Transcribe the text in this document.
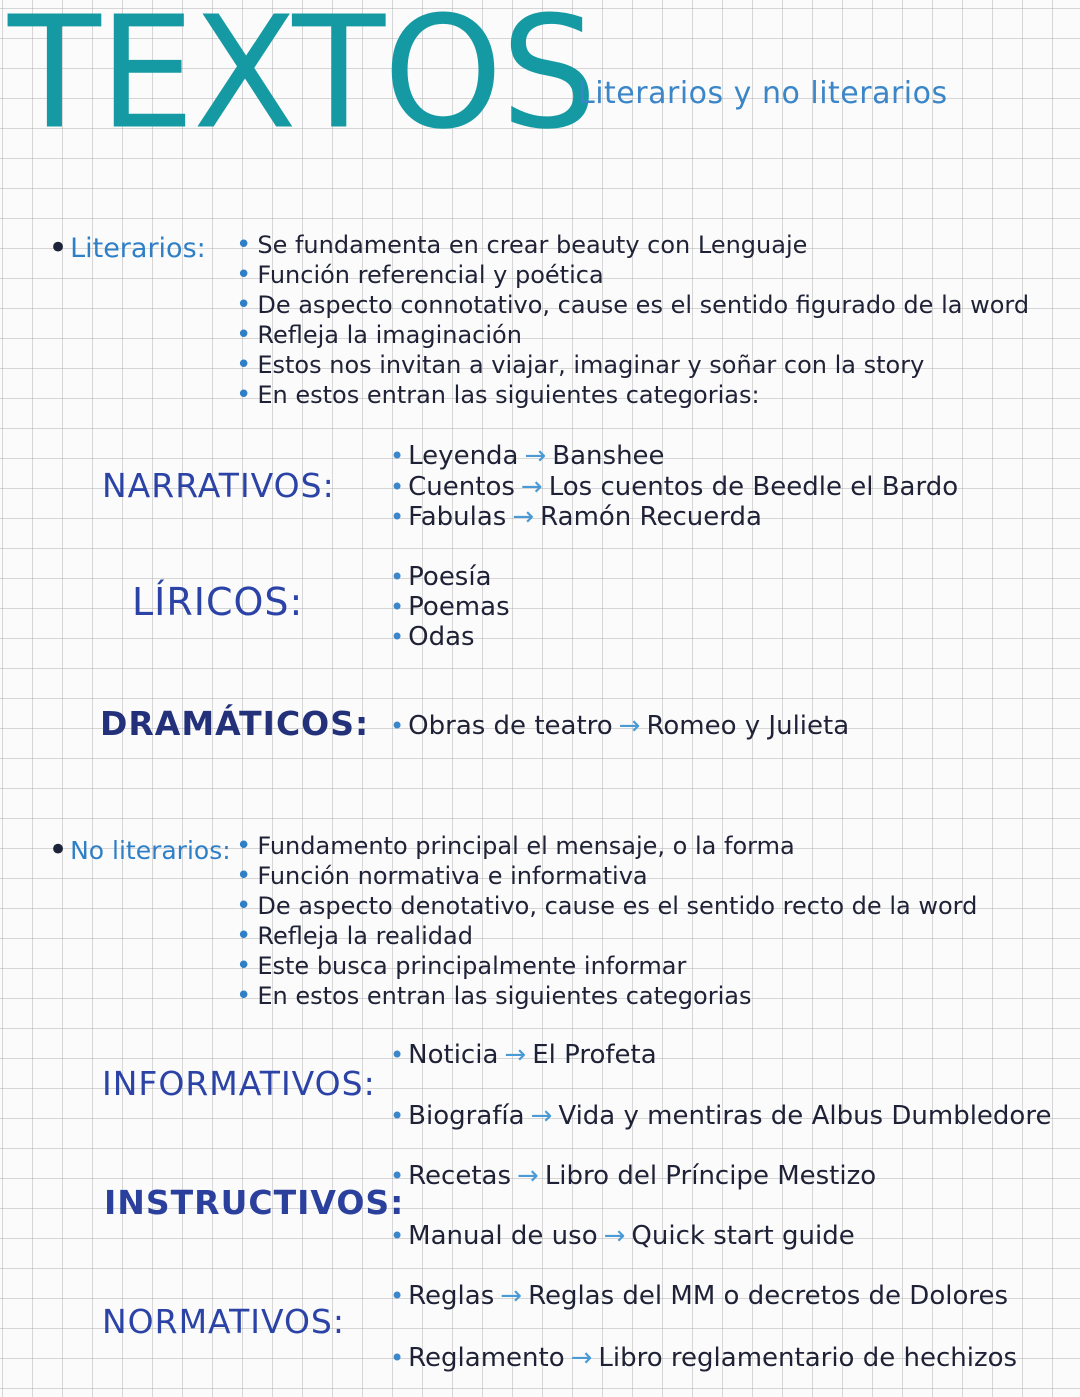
TEXTOS
Literarios y no literarios
•Literarios:	• Se fundamenta en crear beauty con Lenguaje
• Función referencial y poética
• De aspecto connotativo, cause es el sentido figurado de la word
• Refleja la imaginación
• Estos nos invitan a viajar, imaginar y soñar con la story
• En estos entran las siguientes categorias:
NARRATIVOS:
• Leyenda → Banshee
• Cuentos → Los cuentos de Beedle el Bardo
• Fabulas → Ramón Recuerda
LÍRICOS:
• Poesía
• Poemas
• Odas
DRAMÁTICOS: • Obras de teatro → Romeo y Julieta
•No literarios:	• Fundamento principal el mensaje, o la forma
• Función normativa e informativa
• De aspecto denotativo, cause es el sentido recto de la word
• Refleja la realidad
• Este busca principalmente informar
• En estos entran las siguientes categorias
INFORMATIVOS:
• Noticia → El Profeta
• Biografía → Vida y mentiras de Albus Dumbledore
INSTRUCTIVOS:
• Recetas → Libro del Príncipe Mestizo
• Manual de uso → Quick start guide
NORMATIVOS:
• Reglas → Reglas del MM o decretos de Dolores
• Reglamento → Libro reglamentario de hechizos
